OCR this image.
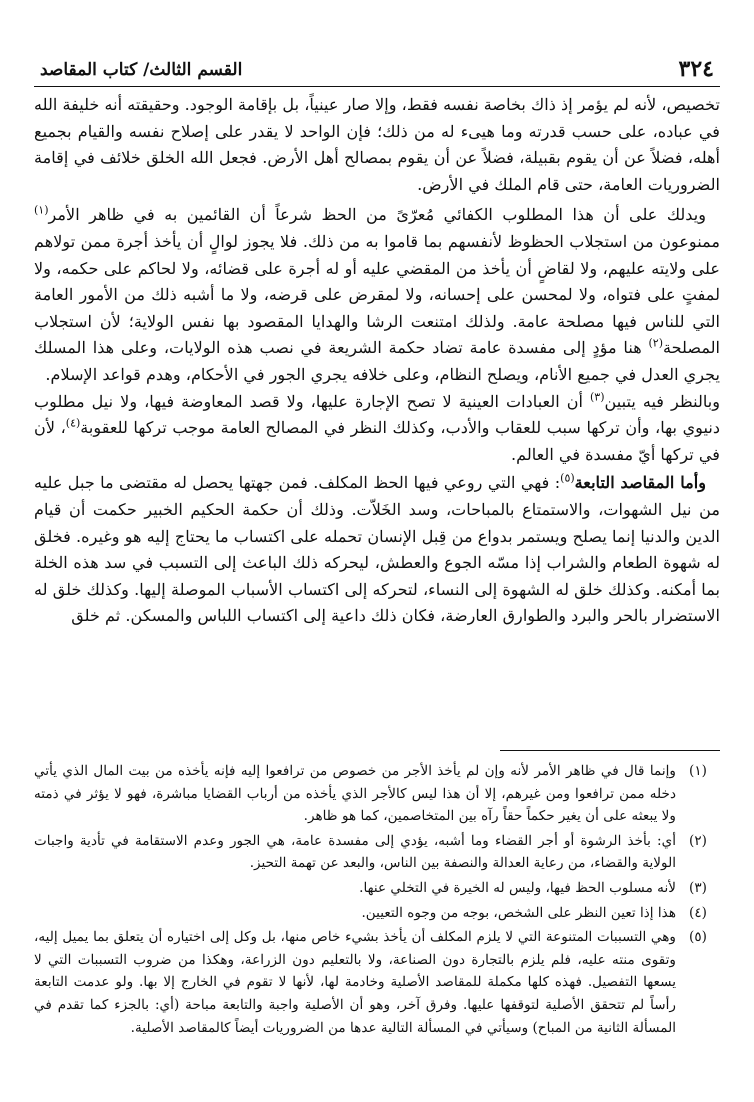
٣٢٤
القسم الثالث/ كتاب المقاصد

تخصيص، لأنه لم يؤمر إذ ذاك بخاصة نفسه فقط، وإلا صار عينياً، بل بإقامة الوجود. وحقيقته أنه خليفة الله في عباده، على حسب قدرته وما هيىء له من ذلك؛ فإن الواحد لا يقدر على إصلاح نفسه والقيام بجميع أهله، فضلاً عن أن يقوم بقبيلة، فضلاً عن أن يقوم بمصالح أهل الأرض. فجعل الله الخلق خلائف في إقامة الضروريات العامة، حتى قام الملك في الأرض.

ويدلك على أن هذا المطلوب الكفائي مُعرّىً من الحظ شرعاً أن القائمين به في ظاهر الأمر$^{(١)}$ ممنوعون من استجلاب الحظوظ لأنفسهم بما قاموا به من ذلك. فلا يجوز لوالٍ أن يأخذ أجرة ممن تولاهم على ولايته عليهم، ولا لقاضٍ أن يأخذ من المقضي عليه أو له أجرة على قضائه، ولا لحاكم على حكمه، ولا لمفتٍ على فتواه، ولا لمحسن على إحسانه، ولا لمقرض على قرضه، ولا ما أشبه ذلك من الأمور العامة التي للناس فيها مصلحة عامة. ولذلك امتنعت الرشا والهدايا المقصود بها نفس الولاية؛ لأن استجلاب المصلحة$^{(٢)}$ هنا مؤدٍ إلى مفسدة عامة تضاد حكمة الشريعة في نصب هذه الولايات، وعلى هذا المسلك يجري العدل في جميع الأنام، ويصلح النظام، وعلى خلافه يجري الجور في الأحكام، وهدم قواعد الإسلام.

وبالنظر فيه يتبين$^{(٣)}$ أن العبادات العينية لا تصح الإجارة عليها، ولا قصد المعاوضة فيها، ولا نيل مطلوب دنيوي بها، وأن تركها سبب للعقاب والأدب، وكذلك النظر في المصالح العامة موجب تركها للعقوبة$^{(٤)}$، لأن في تركها أيّ مفسدة في العالم.

وأما المقاصد التابعة$^{(٥)}$: فهي التي روعي فيها الحظ المكلف. فمن جهتها يحصل له مقتضى ما جبل عليه من نيل الشهوات، والاستمتاع بالمباحات، وسد الخَلاّت. وذلك أن حكمة الحكيم الخبير حكمت أن قيام الدين والدنيا إنما يصلح ويستمر بدواع من قِبل الإنسان تحمله على اكتساب ما يحتاج إليه هو وغيره. فخلق له شهوة الطعام والشراب إذا مسّه الجوع والعطش، ليحركه ذلك الباعث إلى التسبب في سد هذه الخلة بما أمكنه. وكذلك خلق له الشهوة إلى النساء، لتحركه إلى اكتساب الأسباب الموصلة إليها. وكذلك خلق له الاستضرار بالحر والبرد والطوارق العارضة، فكان ذلك داعية إلى اكتساب اللباس والمسكن. ثم خلق

(١)
وإنما قال في ظاهر الأمر لأنه وإن لم يأخذ الأجر من خصوص من ترافعوا إليه فإنه يأخذه من بيت المال الذي يأتي دخله ممن ترافعوا ومن غيرهم، إلا أن هذا ليس كالأجر الذي يأخذه من أرباب القضايا مباشرة، فهو لا يؤثر في ذمته ولا يبعثه على أن يغير حكماً حقاً رآه بين المتخاصمين، كما هو ظاهر.
(٢)
أي: بأخذ الرشوة أو أجر القضاء وما أشبه، يؤدي إلى مفسدة عامة، هي الجور وعدم الاستقامة في تأدية واجبات الولاية والقضاء، من رعاية العدالة والنصفة بين الناس، والبعد عن تهمة التحيز.
(٣)
لأنه مسلوب الحظ فيها، وليس له الخيرة في التخلي عنها.
(٤)
هذا إذا تعين النظر على الشخص، بوجه من وجوه التعيين.
(٥)
وهي التسببات المتنوعة التي لا يلزم المكلف أن يأخذ بشيء خاص منها، بل وكل إلى اختياره أن يتعلق بما يميل إليه، وتقوى منته عليه، فلم يلزم بالتجارة دون الصناعة، ولا بالتعليم دون الزراعة، وهكذا من ضروب التسببات التي لا يسعها التفصيل. فهذه كلها مكملة للمقاصد الأصلية وخادمة لها، لأنها لا تقوم في الخارج إلا بها. ولو عدمت التابعة رأساً لم تتحقق الأصلية لتوقفها عليها. وفرق آخر، وهو أن الأصلية واجبة والتابعة مباحة (أي: بالجزء كما تقدم في المسألة الثانية من المباح) وسيأتي في المسألة التالية عدها من الضروريات أيضاً كالمقاصد الأصلية.
